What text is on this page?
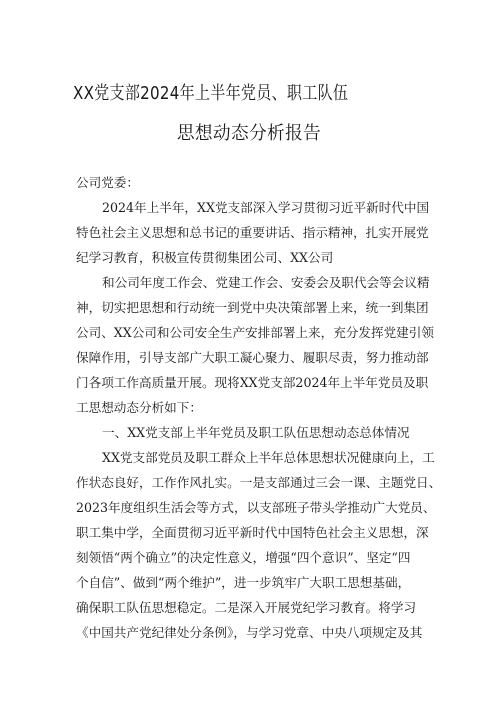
XX党支部2024年上半年党员、职工队伍
思想动态分析报告
公司党委：
2024年上半年，XX党支部深入学习贯彻习近平新时代中国
特色社会主义思想和总书记的重要讲话、指示精神，扎实开展党
纪学习教育，积极宣传贯彻集团公司、XX公司
和公司年度工作会、党建工作会、安委会及职代会等会议精
神，切实把思想和行动统一到党中央决策部署上来，统一到集团
公司、XX公司和公司安全生产安排部署上来，充分发挥党建引领
保障作用，引导支部广大职工凝心聚力、履职尽责，努力推动部
门各项工作高质量开展。现将XX党支部2024年上半年党员及职
工思想动态分析如下：
一、XX党支部上半年党员及职工队伍思想动态总体情况
XX党支部党员及职工群众上半年总体思想状况健康向上，工
作状态良好，工作作风扎实。一是支部通过三会一课、主题党日、
2023年度组织生活会等方式，以支部班子带头学推动广大党员、
职工集中学，全面贯彻习近平新时代中国特色社会主义思想，深
刻领悟“两个确立”的决定性意义，增强“四个意识”、坚定“四
个自信”、做到“两个维护”，进一步筑牢广大职工思想基础，
确保职工队伍思想稳定。二是深入开展党纪学习教育。将学习
《中国共产党纪律处分条例》，与学习党章、中央八项规定及其
